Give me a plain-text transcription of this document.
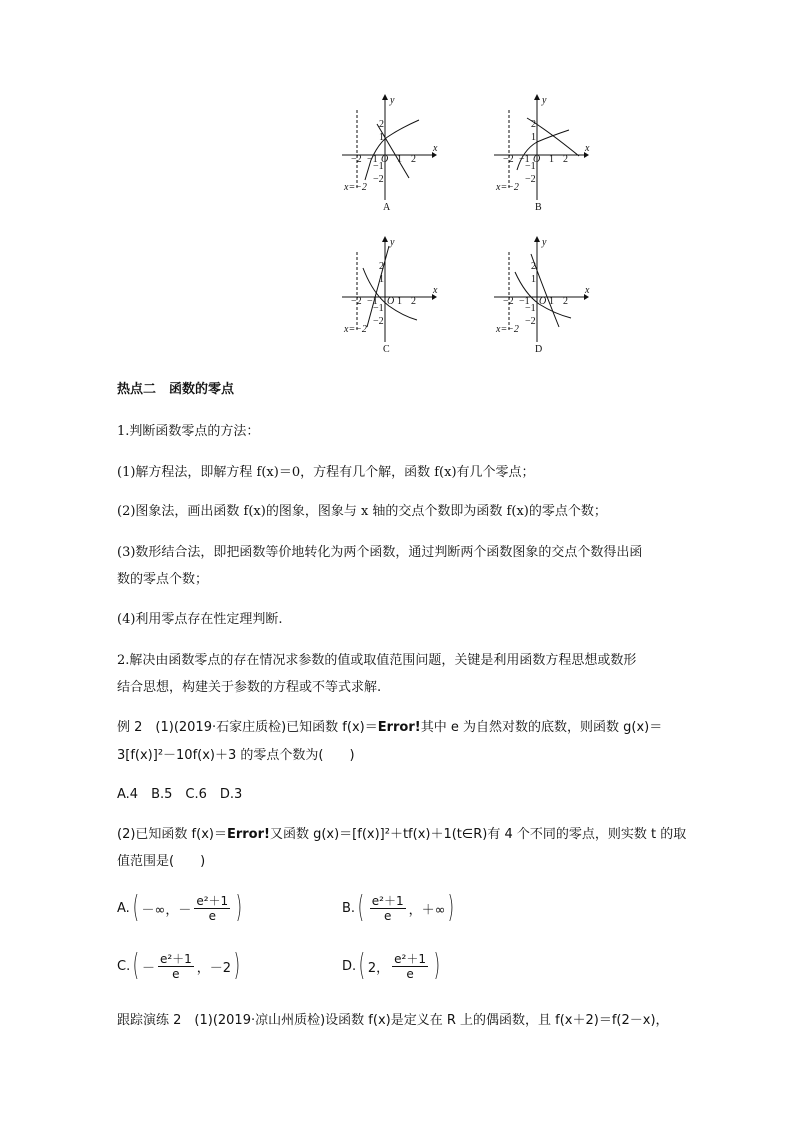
y
x
2
1
−2 −1 O 1 2
−1
−2
x=−2
A
y
x
2
1
−2 −1 O 1 2
−1
−2
x=−2
B
y
x
2
1
−2 −1 O 1 2
−1
−2
x=−2
C
y
x
2
1
−2 −1 O 1 2
−1
−2
x=−2
D
热点二　函数的零点
1.判断函数零点的方法：
(1)解方程法，即解方程 f(x)＝0，方程有几个解，函数 f(x)有几个零点；
(2)图象法，画出函数 f(x)的图象，图象与 x 轴的交点个数即为函数 f(x)的零点个数；
(3)数形结合法，即把函数等价地转化为两个函数，通过判断两个函数图象的交点个数得出函
数的零点个数；
(4)利用零点存在性定理判断.
2.解决由函数零点的存在情况求参数的值或取值范围问题，关键是利用函数方程思想或数形
结合思想，构建关于参数的方程或不等式求解.
例 2　(1)(2019·石家庄质检)已知函数 f(x)＝Error!其中 e 为自然对数的底数，则函数 g(x)＝
3[f(x)]²－10f(x)＋3 的零点个数为(　　)
A.4　B.5　C.6　D.3
(2)已知函数 f(x)＝Error!又函数 g(x)＝[f(x)]²＋tf(x)＋1(t∈R)有 4 个不同的零点，则实数 t 的取
值范围是(　　)
A. ( －∞，－ $\frac{\text{e²＋1}}{e}$ )	B. ( $\frac{\text{e²＋1}}{e}$ ，＋∞ )
C. ( － $\frac{\text{e²＋1}}{e}$ ，－2 )	D. ( 2， $\frac{\text{e²＋1}}{e}$ )
跟踪演练 2　(1)(2019·凉山州质检)设函数 f(x)是定义在 R 上的偶函数，且 f(x＋2)＝f(2－x)，
